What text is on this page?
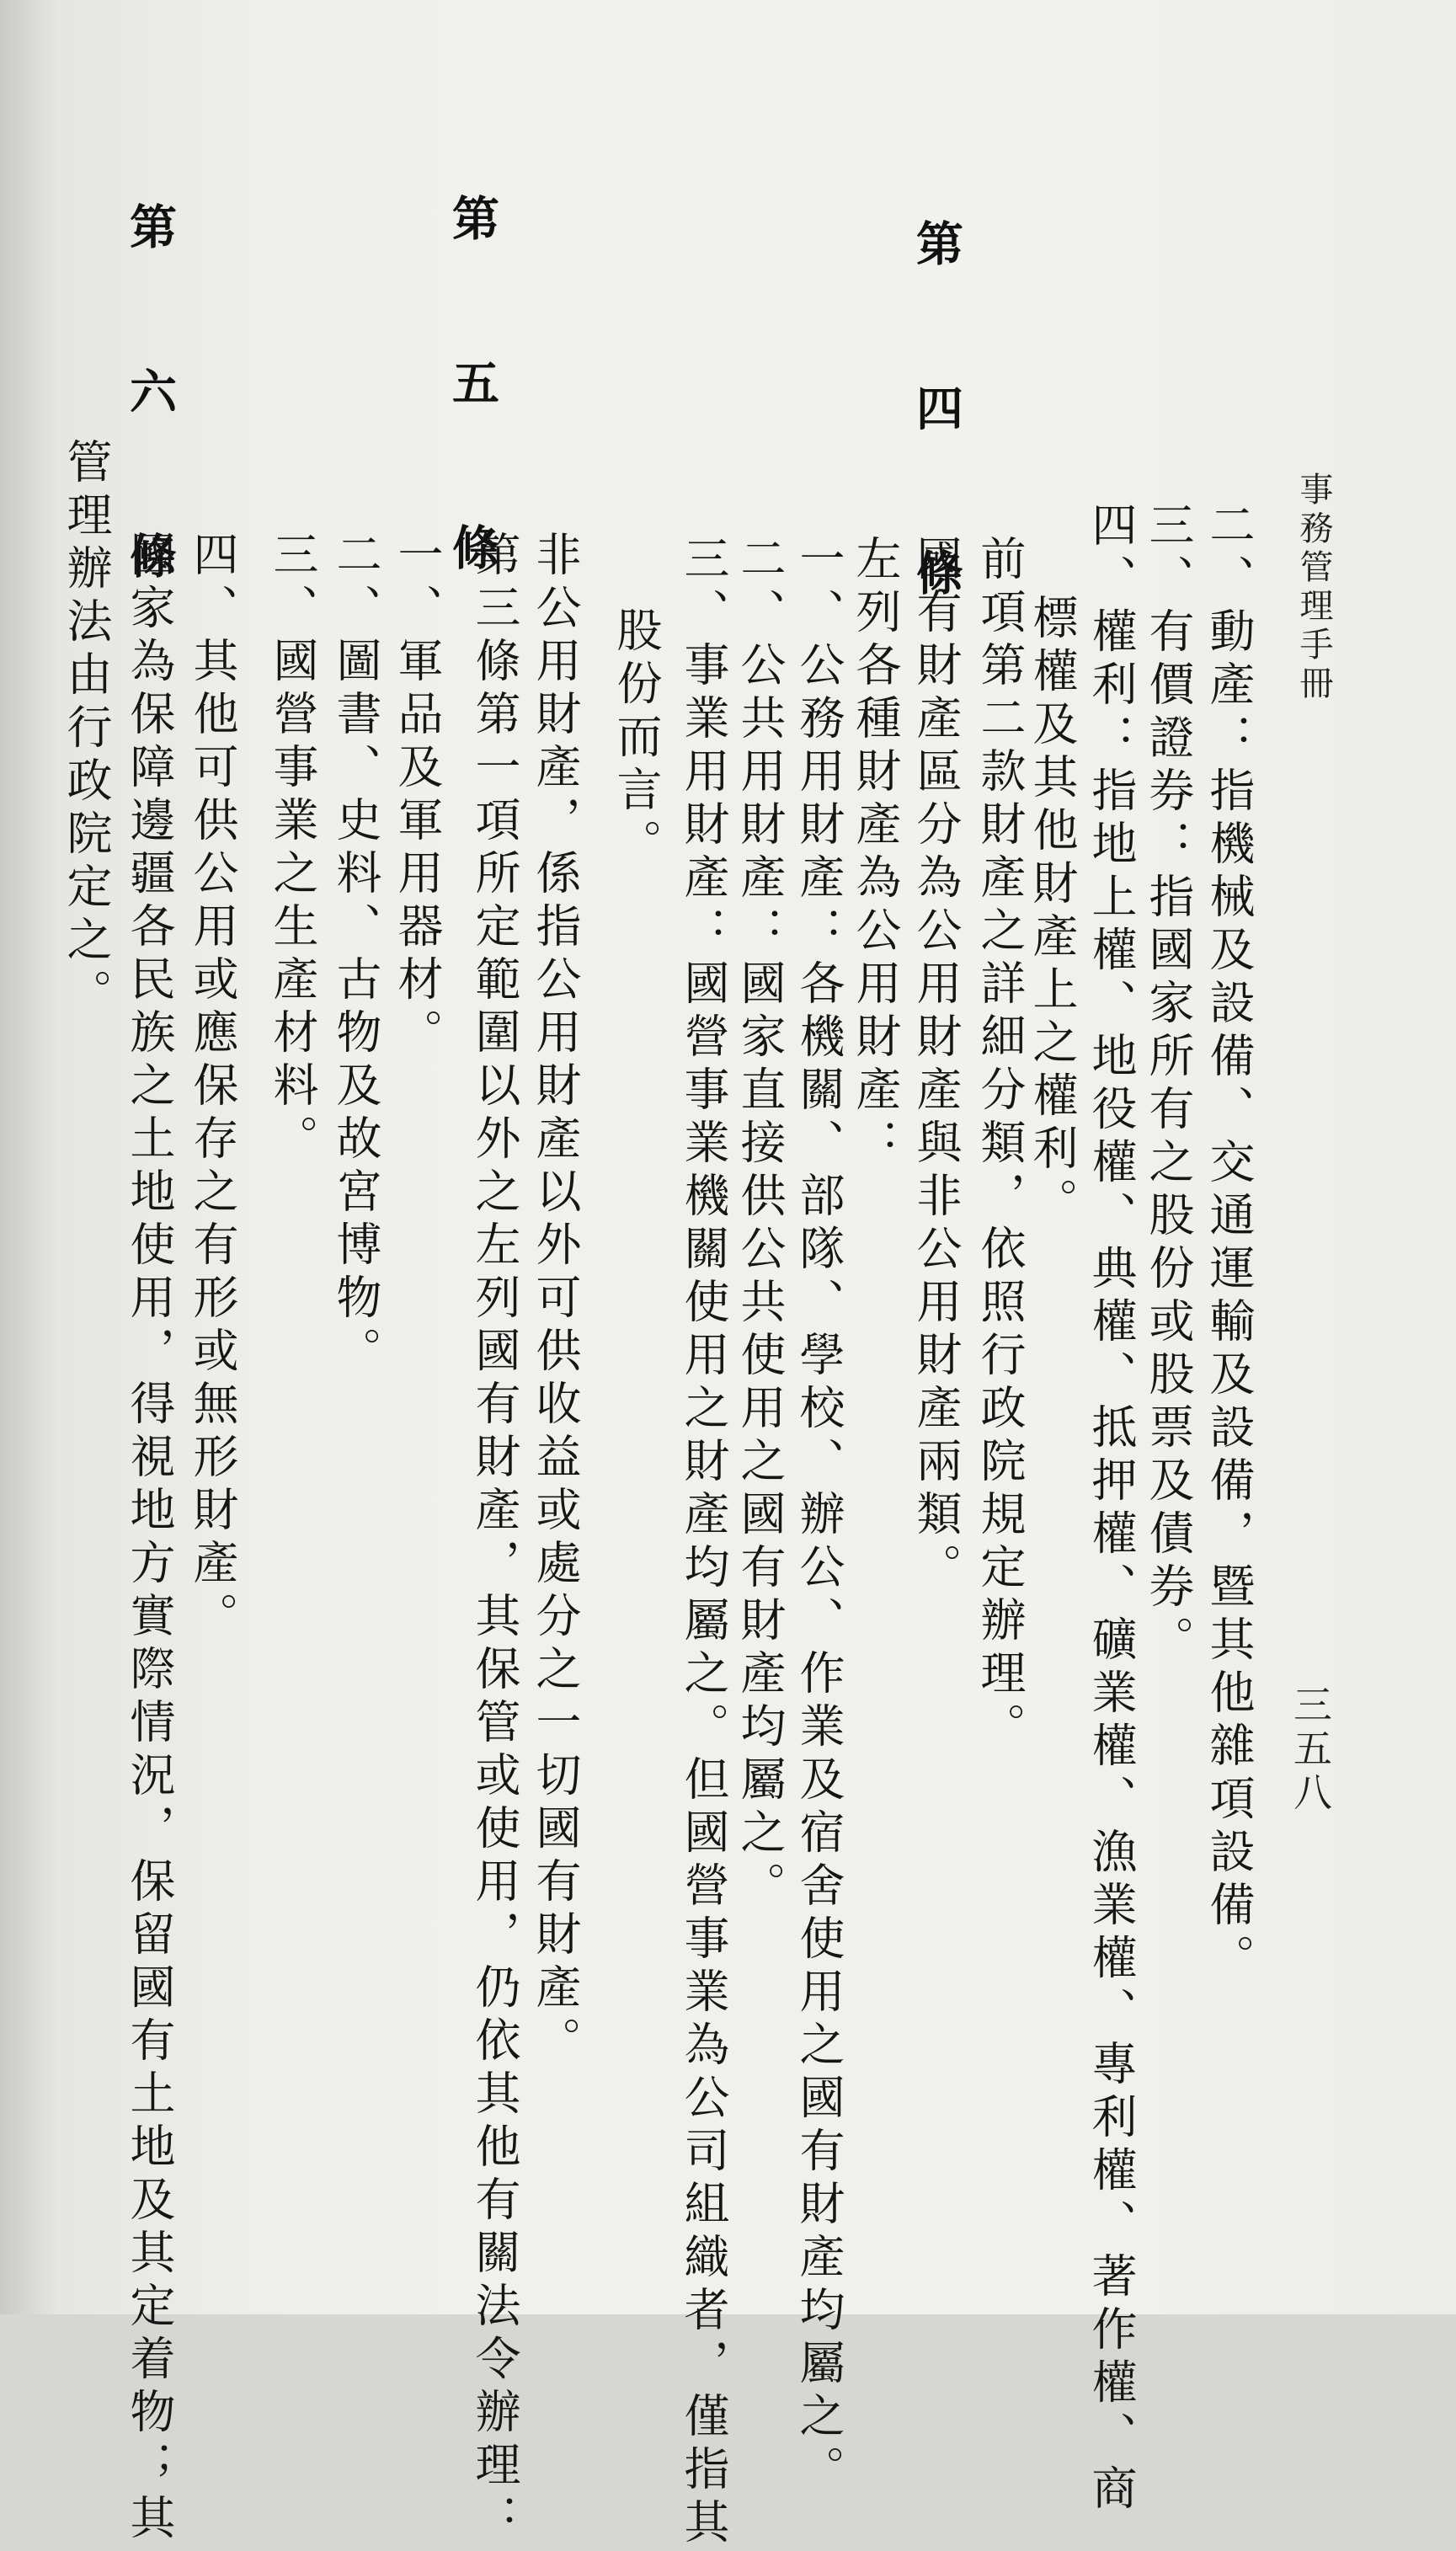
事務管理手冊
三五八
第 四 條
第 五 條
第 六 條
二、動產：指機械及設備、交通運輸及設備，暨其他雜項設備。
三、有價證券：指國家所有之股份或股票及債券。
四、權利：指地上權、地役權、典權、抵押權、礦業權、漁業權、專利權、著作權、商
標權及其他財產上之權利。
前項第二款財產之詳細分類，依照行政院規定辦理。
國有財產區分為公用財產與非公用財產兩類。
左列各種財產為公用財產：
一、公務用財產：各機關、部隊、學校、辦公、作業及宿舍使用之國有財產均屬之。
二、公共用財產：國家直接供公共使用之國有財產均屬之。
三、事業用財產：國營事業機關使用之財產均屬之。但國營事業為公司組織者，僅指其
股份而言。
非公用財產，係指公用財產以外可供收益或處分之一切國有財產。
第三條第一項所定範圍以外之左列國有財產，其保管或使用，仍依其他有關法令辦理：
一、軍品及軍用器材。
二、圖書、史料、古物及故宮博物。
三、國營事業之生產材料。
四、其他可供公用或應保存之有形或無形財產。
國家為保障邊疆各民族之土地使用，得視地方實際情況，保留國有土地及其定着物；其
管理辦法由行政院定之。
